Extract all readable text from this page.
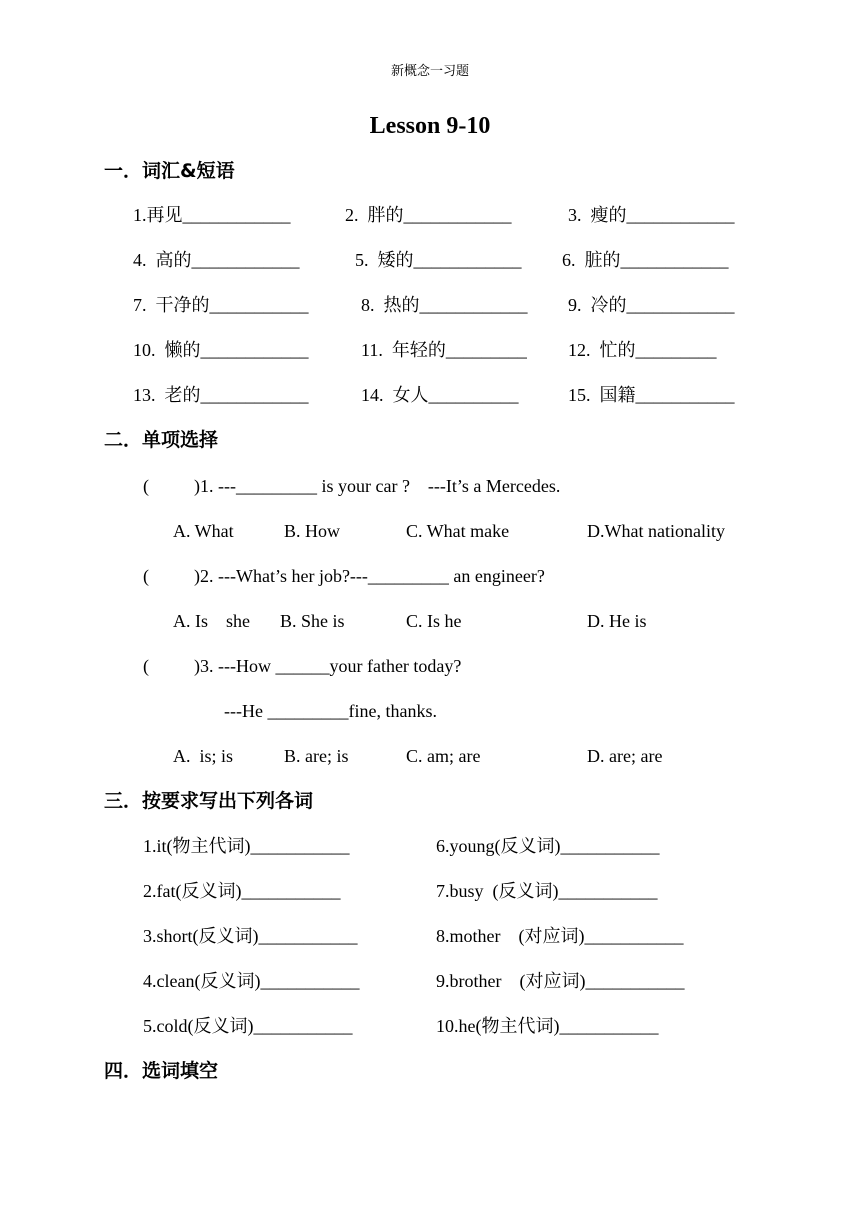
新概念一习题
Lesson 9-10
一．词汇&短语
1.再见____________	2.  胖的____________	3.  瘦的____________
4.  高的____________	5.  矮的____________ 6.  脏的____________
7.  干净的___________	8.  热的____________ 9.  冷的____________
10.  懒的____________	11.  年轻的_________ 12.  忙的_________
13.  老的____________	14.  女人__________	15.  国籍___________
二．单项选择
(          )1. ---_________ is your car ?    ---It’s a Mercedes.
A. What	B. How	C. What make	D.What nationality
(          )2. ---What’s her job?---_________ an engineer?
A. Is    she B. She is	C. Is he	D. He is
(          )3. ---How ______your father today?
---He _________fine, thanks.
A.  is; is	B. are; is	C. am; are	D. are; are
三．按要求写出下列各词
1.it(物主代词)___________	6.young(反义词)___________
2.fat(反义词)___________	7.busy  (反义词)___________
3.short(反义词)___________	8.mother    (对应词)___________
4.clean(反义词)___________	9.brother    (对应词)___________
5.cold(反义词)___________	10.he(物主代词)___________
四．选词填空
